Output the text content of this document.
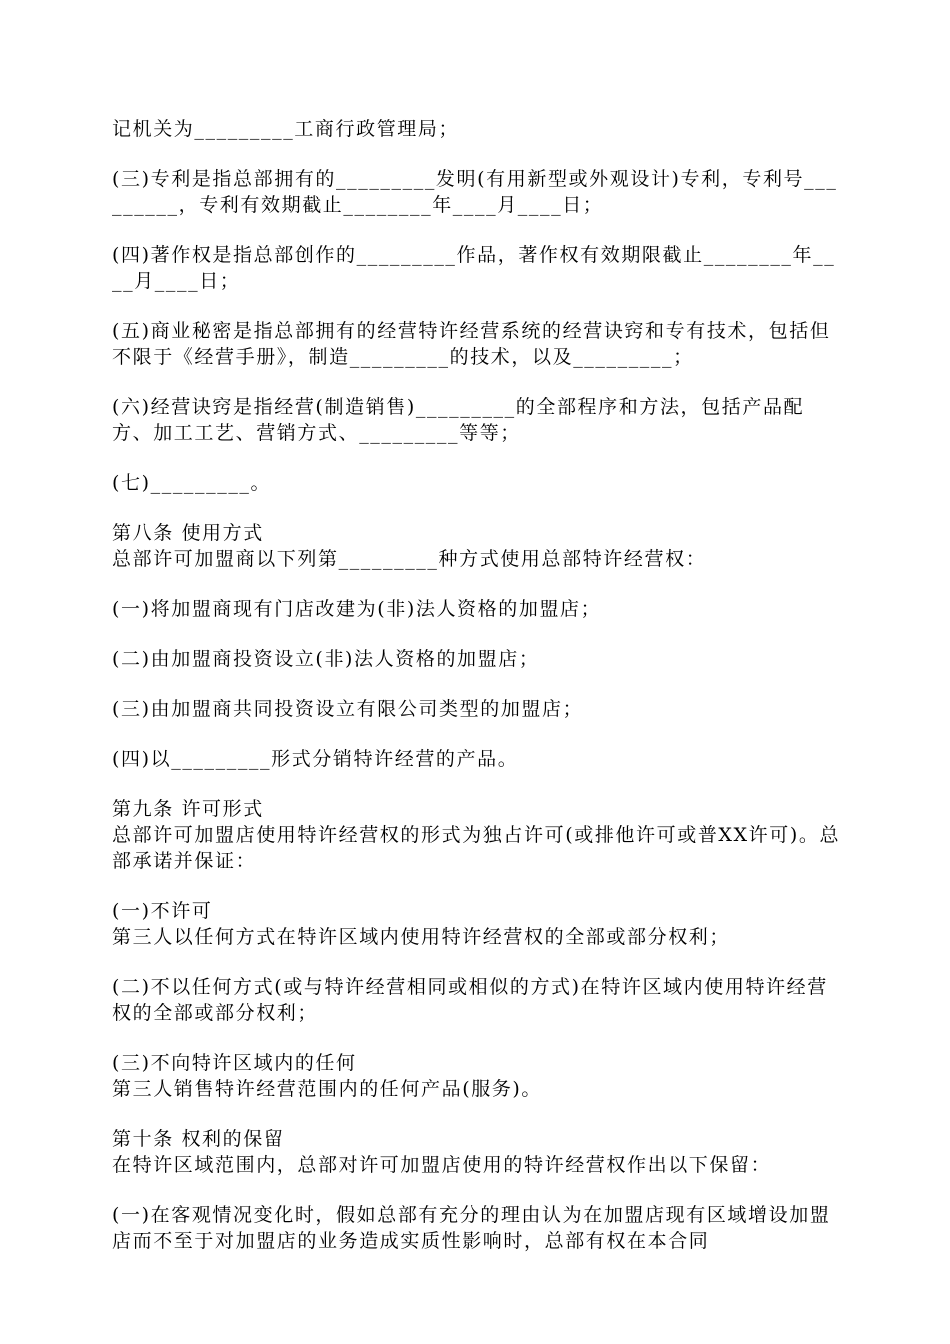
记机关为_________工商行政管理局；

(三)专利是指总部拥有的_________发明(有用新型或外观设计)专利，专利号_________，专利有效期截止________年____月____日；

(四)著作权是指总部创作的_________作品，著作权有效期限截止________年____月____日；

(五)商业秘密是指总部拥有的经营特许经营系统的经营诀窍和专有技术，包括但不限于《经营手册》，制造_________的技术，以及_________；

(六)经营诀窍是指经营(制造销售)_________的全部程序和方法，包括产品配方、加工工艺、营销方式、_________等等；

(七)_________。

第八条 使用方式

总部许可加盟商以下列第_________种方式使用总部特许经营权：

(一)将加盟商现有门店改建为(非)法人资格的加盟店；

(二)由加盟商投资设立(非)法人资格的加盟店；

(三)由加盟商共同投资设立有限公司类型的加盟店；

(四)以_________形式分销特许经营的产品。

第九条 许可形式

总部许可加盟店使用特许经营权的形式为独占许可(或排他许可或普XX许可)。总部承诺并保证：

(一)不许可

第三人以任何方式在特许区域内使用特许经营权的全部或部分权利；

(二)不以任何方式(或与特许经营相同或相似的方式)在特许区域内使用特许经营权的全部或部分权利；

(三)不向特许区域内的任何

第三人销售特许经营范围内的任何产品(服务)。

第十条 权利的保留

在特许区域范围内，总部对许可加盟店使用的特许经营权作出以下保留：

(一)在客观情况变化时，假如总部有充分的理由认为在加盟店现有区域增设加盟店而不至于对加盟店的业务造成实质性影响时，总部有权在本合同
